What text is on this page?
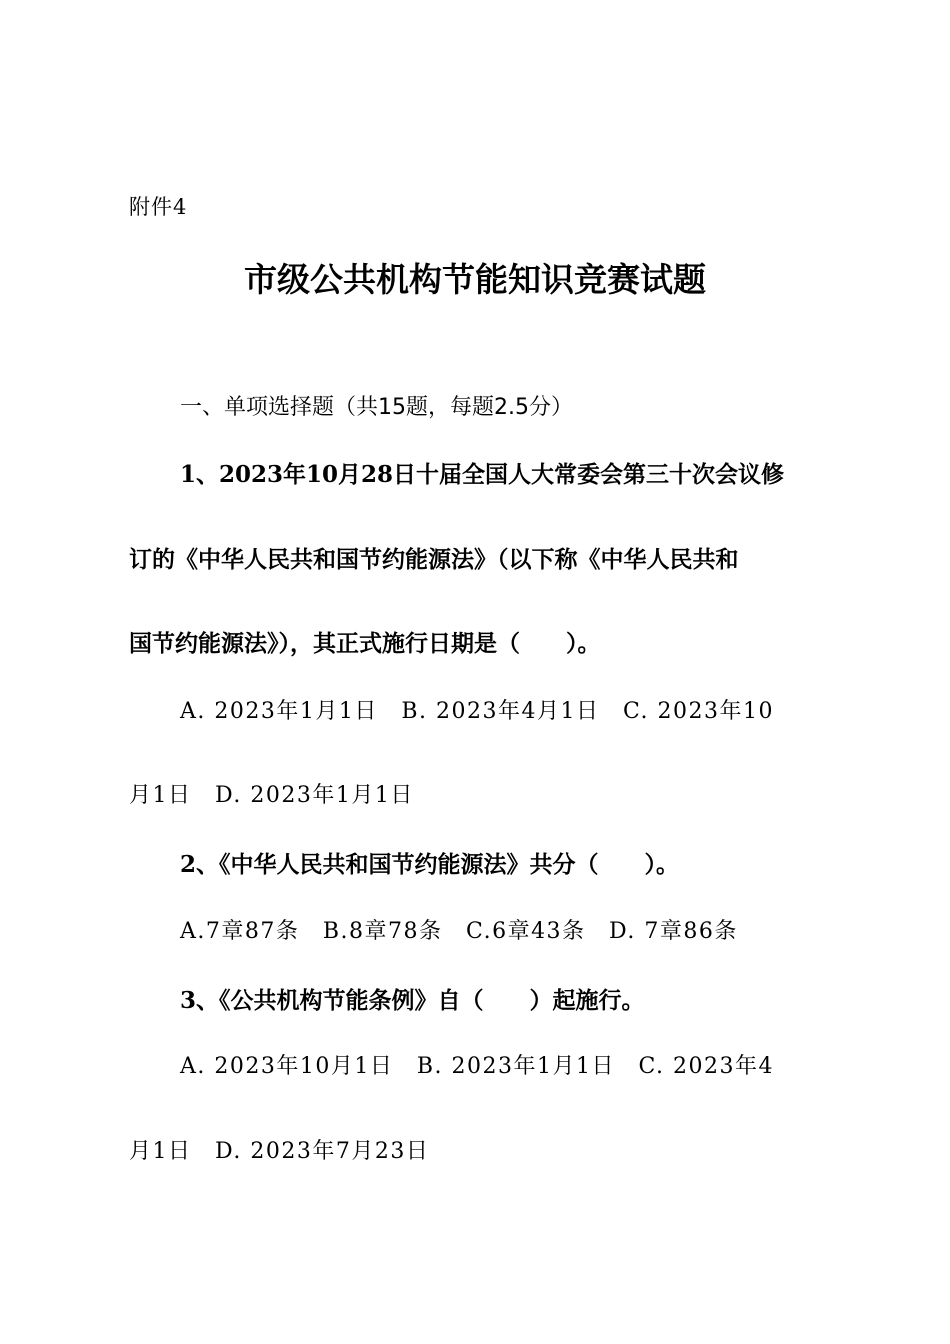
附件4

市级公共机构节能知识竞赛试题

一、单项选择题（共15题，每题2.5分）

1、2023年10月28日十届全国人大常委会第三十次会议修

订的《中华人民共和国节约能源法》（以下称《中华人民共和

国节约能源法》），其正式施行日期是（　　）。

A. 2023年1月1日　B. 2023年4月1日　C. 2023年10

月1日　D. 2023年1月1日

2、《中华人民共和国节约能源法》共分（　　）。

A.7章87条　B.8章78条　C.6章43条　D. 7章86条

3、《公共机构节能条例》自（　　）起施行。

A. 2023年10月1日　B. 2023年1月1日　C. 2023年4

月1日　D. 2023年7月23日
